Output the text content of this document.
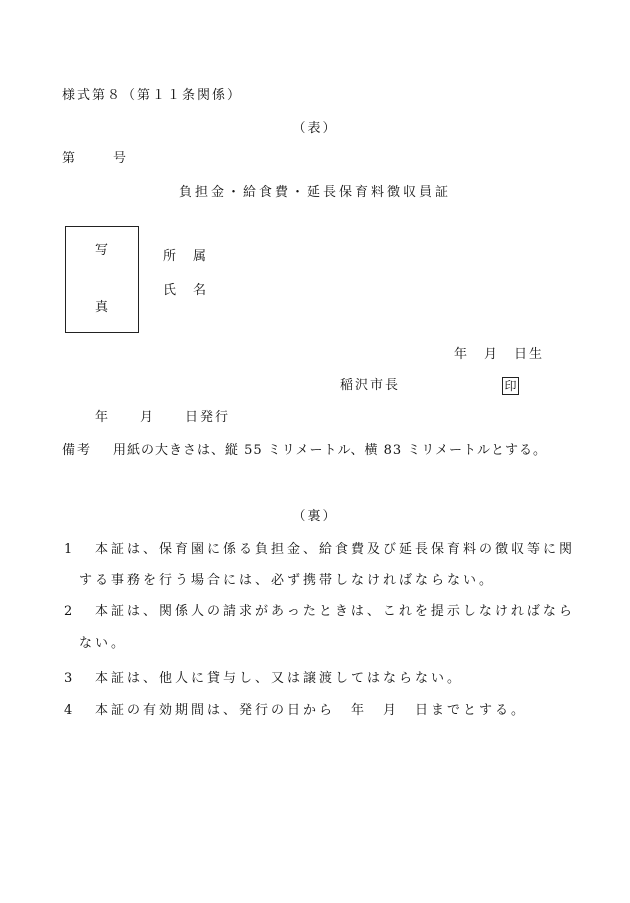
様式第８（第１１条関係）
（表）
第	号
負担金・給食費・延長保育料徴収員証
写
真
所　属
氏　名
年　月　日生
稲沢市長	印
年　　月　　日発行
備考 用紙の大きさは、縦 55 ミリメートル、横 83 ミリメートルとする。
（裏）
1 本証は、保育園に係る負担金、給食費及び延長保育料の徴収等に関
する事務を行う場合には、必ず携帯しなければならない。
2 本証は、関係人の請求があったときは、これを提示しなければなら
ない。
3 本証は、他人に貸与し、又は譲渡してはならない。
4 本証の有効期間は、発行の日から　年　月　日までとする。
